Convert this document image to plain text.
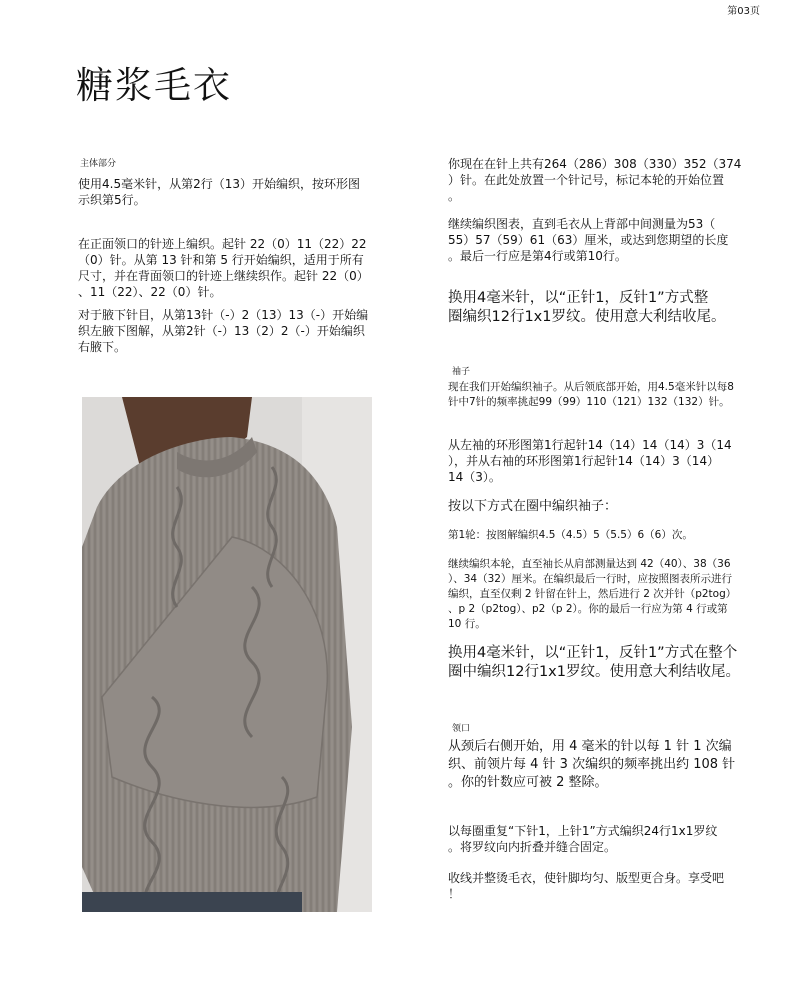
第03页
糖浆毛衣
主体部分
使用4.5毫米针，从第2行（13）开始编织，按环形图
示织第5行。
在正面领口的针迹上编织。起针 22（0）11（22）22
（0）针。从第 13 针和第 5 行开始编织，适用于所有
尺寸，并在背面领口的针迹上继续织作。起针 22（0）
、11（22）、22（0）针。
对于腋下针目，从第13针（-）2（13）13（-）开始编
织左腋下图解，从第2针（-）13（2）2（-）开始编织
右腋下。
你现在在针上共有264（286）308（330）352（374
）针。在此处放置一个针记号，标记本轮的开始位置
。
继续编织图表，直到毛衣从上背部中间测量为53（
55）57（59）61（63）厘米，或达到您期望的长度
。最后一行应是第4行或第10行。
换用4毫米针，以“正针1，反针1”方式整
圈编织12行1x1罗纹。使用意大利结收尾。
袖子
现在我们开始编织袖子。从后领底部开始，用4.5毫米针以每8
针中7针的频率挑起99（99）110（121）132（132）针。
从左袖的环形图第1行起针14（14）14（14）3（14
），并从右袖的环形图第1行起针14（14）3（14）
14（3）。
按以下方式在圈中编织袖子：
第1轮：按图解编织4.5（4.5）5（5.5）6（6）次。
继续编织本轮，直至袖长从肩部测量达到 42（40）、38（36
）、34（32）厘米。在编织最后一行时，应按照图表所示进行
编织，直至仅剩 2 针留在针上，然后进行 2 次并针（p2tog）
、p 2（p2tog）、p2（p 2）。你的最后一行应为第 4 行或第
10 行。
换用4毫米针，以“正针1，反针1”方式在整个
圈中编织12行1x1罗纹。使用意大利结收尾。
领口
从颈后右侧开始，用 4 毫米的针以每 1 针 1 次编
织、前领片每 4 针 3 次编织的频率挑出约 108 针
。你的针数应可被 2 整除。
以每圈重复“下针1，上针1”方式编织24行1x1罗纹
。将罗纹向内折叠并缝合固定。
收线并整烫毛衣，使针脚均匀、版型更合身。享受吧
！
